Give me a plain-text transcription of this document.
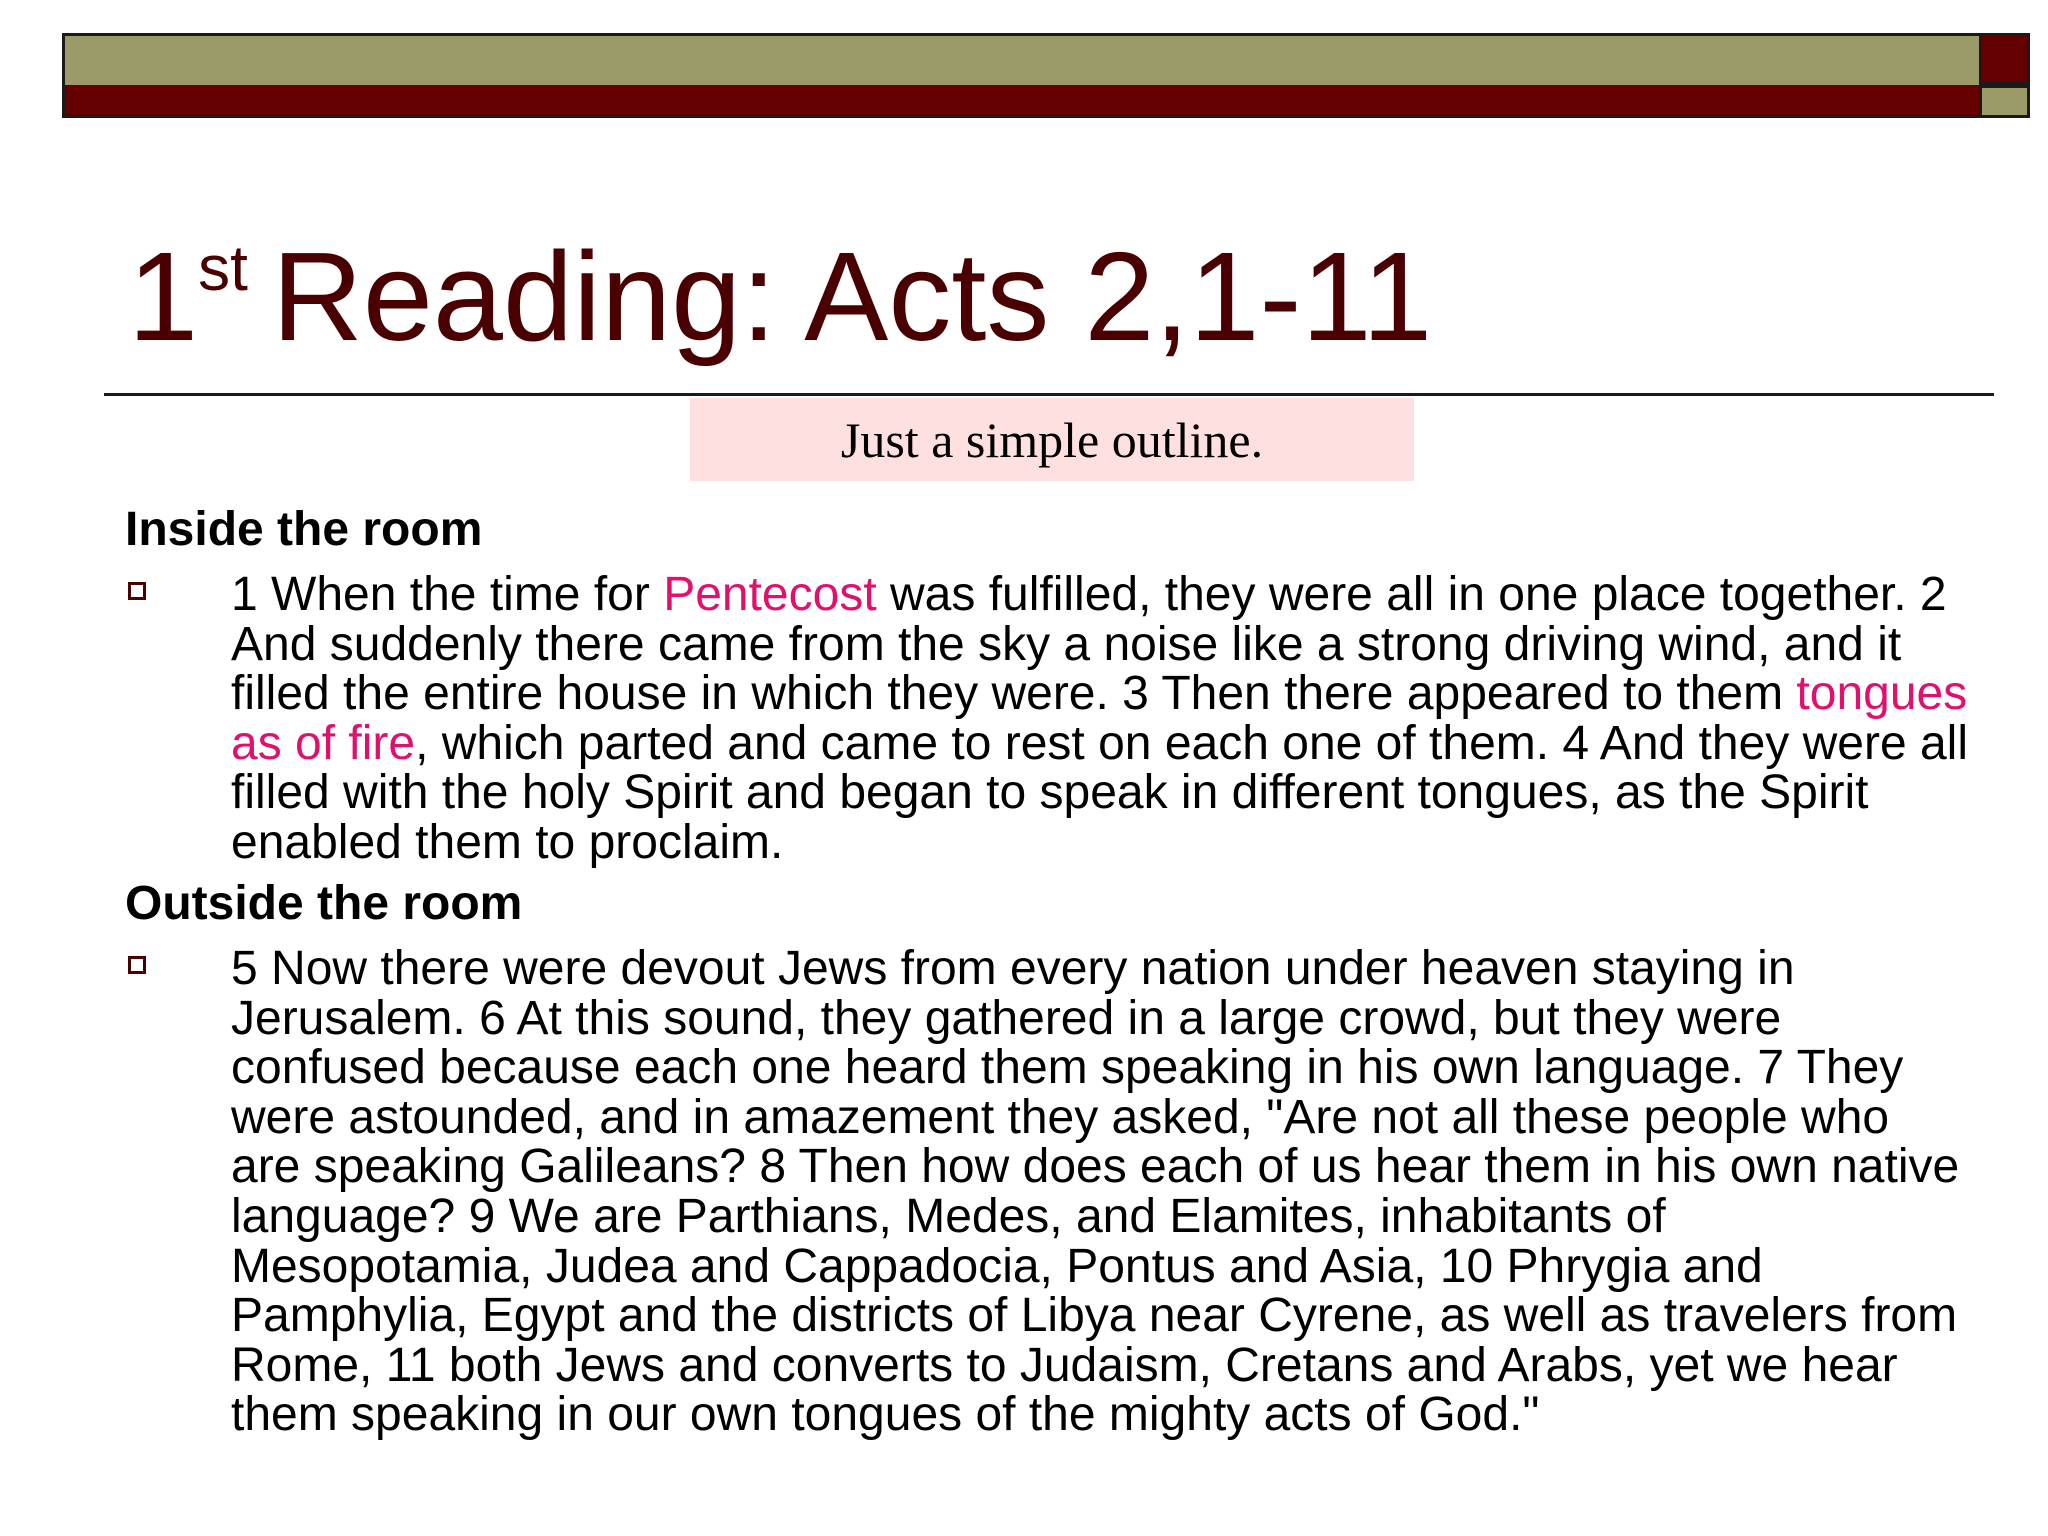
1st Reading: Acts 2,1-11
Just a simple outline.
Inside the room

1 When the time for Pentecost was fulfilled, they were all in one place together. 2 And suddenly there came from the sky a noise like a strong driving wind, and it filled the entire house in which they were. 3 Then there appeared to them tongues as of fire, which parted and came to rest on each one of them. 4 And they were all filled with the holy Spirit and began to speak in different tongues, as the Spirit enabled them to proclaim.

Outside the room

5 Now there were devout Jews from every nation under heaven staying in Jerusalem. 6 At this sound, they gathered in a large crowd, but they were confused because each one heard them speaking in his own language. 7 They were astounded, and in amazement they asked, "Are not all these people who are speaking Galileans? 8 Then how does each of us hear them in his own native language? 9 We are Parthians, Medes, and Elamites, inhabitants of Mesopotamia, Judea and Cappadocia, Pontus and Asia, 10 Phrygia and Pamphylia, Egypt and the districts of Libya near Cyrene, as well as travelers from Rome, 11 both Jews and converts to Judaism, Cretans and Arabs, yet we hear them speaking in our own tongues of the mighty acts of God."
